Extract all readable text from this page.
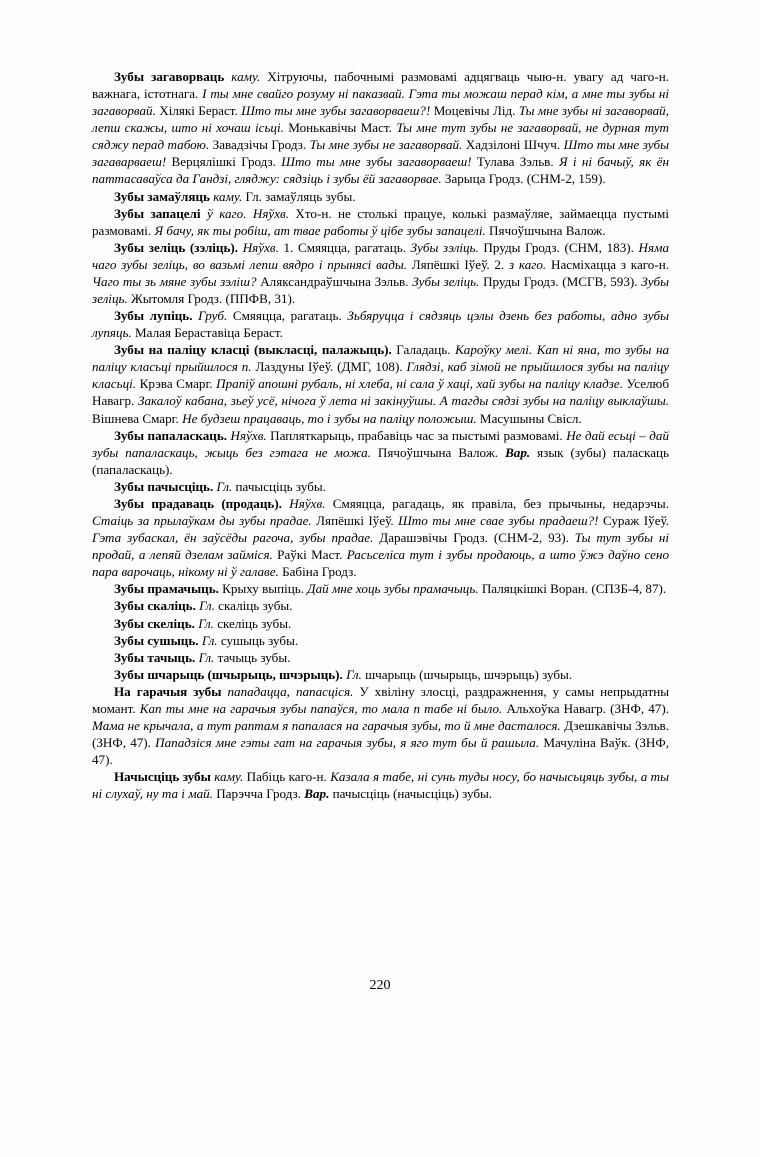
Зубы загаворваць каму. Хітруючы, пабочнымі размовамі адцягваць чыю-н. увагу ад чаго-н. важнага, істотнага. І ты мне свайго розуму ні паказвай. Гэта ты можаш перад кім, а мне ты зубы ні загаворвай. Хілякі Бераст. Што ты мне зубы загаворваеш?! Моцевічы Лід. Ты мне зубы ні загаворвай, лепш скажы, што ні хочаш ісьці. Монькавічы Маст. Ты мне тут зубы не загаворвай, не дурная тут сяджу перад табою. Завадзічы Гродз. Ты мне зубы не загаворвай. Хадзілоні Шчуч. Што ты мне зубы загаварваеш! Верцялішкі Гродз. Што ты мне зубы загаворваеш! Тулава Зэльв. Я і ні бачыў, як ён паттасаваўса да Гандзі, гляджу: сядзіць і зубы ёй загаворвае. Зарыца Гродз. (СНМ-2, 159).

Зубы замаўляць каму. Гл. замаўляць зубы.

Зубы запацелі ў каго. Няўхв. Хто-н. не столькі працуе, колькі размаўляе, займаецца пустымі размовамі. Я бачу, як ты робіш, ат твае работы ў цібе зубы запацелі. Пячоўшчына Валож.

Зубы зеліць (зэліць). Няўхв. 1. Смяяцца, рагатаць. Зубы зэліць. Пруды Гродз. (СНМ, 183). Няма чаго зубы зеліць, во вазьмі лепш вядро і прынясі вады. Ляпёшкі Іўеў. 2. з каго. Насміхацца з каго-н. Чаго ты зь мяне зубы зэліш? Аляксандраўшчына Зэльв. Зубы зеліць. Пруды Гродз. (МСГВ, 593). Зубы зеліць. Жытомля Гродз. (ППФВ, 31).

Зубы лупіць. Груб. Смяяцца, рагатаць. Зьбяруцца і сядзяць цэлы дзень без работы, адно зубы лупяць. Малая Бераставіца Бераст.

Зубы на паліцу класці (выкласці, палажыць). Галадаць. Кароўку мелі. Кап ні яна, то зубы на паліцу класьці прыйшлося п. Лаздуны Іўеў. (ДМГ, 108). Глядзі, каб зімой не прыйшлося зубы на паліцу класьці. Крэва Смарг. Прапіў апошні рубаль, ні хлеба, ні сала ў хаці, хай зубы на паліцу кладзе. Уселюб Навагр. Закалоў кабана, зьеў усё, нічога ў лета ні закінуўшы. А тагды сядзі зубы на паліцу выклаўшы. Вішнева Смарг. Не будзеш працаваць, то і зубы на паліцу положыш. Масушыны Свісл.

Зубы папаласкаць. Няўхв. Папляткарыць, прабавіць час за пыстымі размовамі. Не дай есьці – дай зубы папаласкаць, жыць без гэтага не можа. Пячоўшчына Валож. Вар. язык (зубы) паласкаць (папаласкаць).

Зубы пачысціць. Гл. пачысціць зубы.

Зубы прадаваць (продаць). Няўхв. Смяяцца, рагадаць, як правіла, без прычыны, недарэчы. Стаіць за прылаўкам ды зубы прадае. Ляпёшкі Іўеў. Што ты мне свае зубы прадаеш?! Сураж Іўеў. Гэта зубаскал, ён заўсёды рагоча, зубы прадае. Дарашэвічы Гродз. (СНМ-2, 93). Ты тут зубы ні продай, а лепяй дзелам займіся. Раўкі Маст. Расьселіса тут і зубы продаюць, а што ўжэ даўно сено пара варочаць, нікому ні ў галаве. Бабіна Гродз.

Зубы прамачыць. Крыху выпіць. Дай мне хоць зубы прамачыць. Паляцкішкі Воран. (СПЗБ-4, 87).

Зубы скаліць. Гл. скаліць зубы.

Зубы скеліць. Гл. скеліць зубы.

Зубы сушыць. Гл. сушыць зубы.

Зубы тачыць. Гл. тачыць зубы.

Зубы шчарыць (шчырыць, шчэрыць). Гл. шчарыць (шчырыць, шчэрыць) зубы.

На гарачыя зубы пападацца, папасціся. У хвіліну злосці, раздражнення, у самы непрыдатны момант. Кап ты мне на гарачыя зубы папаўся, то мала п табе ні было. Альхоўка Навагр. (ЗНФ, 47). Мама не крычала, а тут раптам я папалася на гарачыя зубы, то й мне дасталося. Дзешкавічы Зэльв. (ЗНФ, 47). Пападзіся мне гэты гат на гарачыя зубы, я яго тут бы й рашыла. Мачуліна Ваўк. (ЗНФ, 47).

Начысціць зубы каму. Пабіць каго-н. Казала я табе, ні сунь туды носу, бо начысьцяць зубы, а ты ні слухаў, ну та і май. Парэчча Гродз. Вар. пачысціць (начысціць) зубы.

220
